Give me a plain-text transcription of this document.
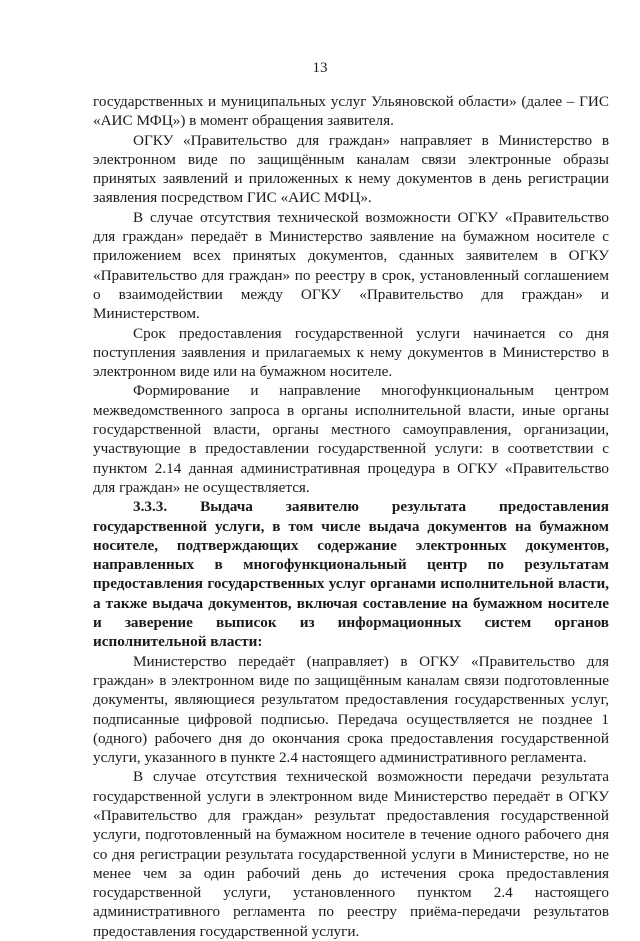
13

государственных и муниципальных услуг Ульяновской области» (далее – ГИС «АИС МФЦ») в момент обращения заявителя.

ОГКУ «Правительство для граждан» направляет в Министерство в электронном виде по защищённым каналам связи электронные образы принятых заявлений и приложенных к нему документов в день регистрации заявления посредством ГИС «АИС МФЦ».

В случае отсутствия технической возможности ОГКУ «Правительство для граждан» передаёт в Министерство заявление на бумажном носителе с приложением всех принятых документов, сданных заявителем в ОГКУ «Правительство для граждан» по реестру в срок, установленный соглашением о взаимодействии между ОГКУ «Правительство для граждан» и Министерством.

Срок предоставления государственной услуги начинается со дня поступления заявления и прилагаемых к нему документов в Министерство в электронном виде или на бумажном носителе.

Формирование и направление многофункциональным центром межведомственного запроса в органы исполнительной власти, иные органы государственной власти, органы местного самоуправления, организации, участвующие в предоставлении государственной услуги: в соответствии с пунктом 2.14 данная административная процедура в ОГКУ «Правительство для граждан» не осуществляется.

3.3.3. Выдача заявителю результата предоставления государственной услуги, в том числе выдача документов на бумажном носителе, подтверждающих содержание электронных документов, направленных в многофункциональный центр по результатам предоставления государственных услуг органами исполнительной власти, а также выдача документов, включая составление на бумажном носителе и заверение выписок из информационных систем органов исполнительной власти:

Министерство передаёт (направляет) в ОГКУ «Правительство для граждан» в электронном виде по защищённым каналам связи подготовленные документы, являющиеся результатом предоставления государственных услуг, подписанные цифровой подписью. Передача осуществляется не позднее 1 (одного) рабочего дня до окончания срока предоставления государственной услуги, указанного в пункте 2.4 настоящего административного регламента.

В случае отсутствия технической возможности передачи результата государственной услуги в электронном виде Министерство передаёт в ОГКУ «Правительство для граждан» результат предоставления государственной услуги, подготовленный на бумажном носителе в течение одного рабочего дня со дня регистрации результата государственной услуги в Министерстве, но не менее чем за один рабочий день до истечения срока предоставления государственной услуги, установленного пунктом 2.4 настоящего административного регламента по реестру приёма-передачи результатов предоставления государственной услуги.
